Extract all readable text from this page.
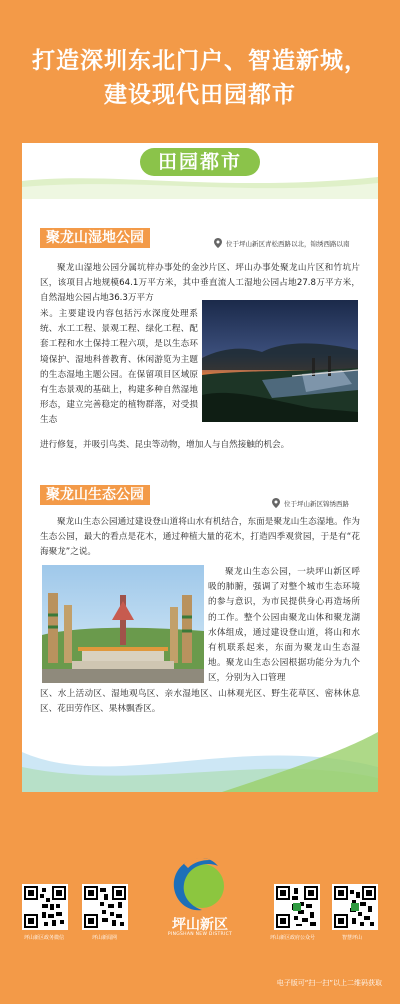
打造深圳东北门户、智造新城，
建设现代田园都市
田园都市
聚龙山湿地公园	位于坪山新区青松西路以北，锦绣西路以南
聚龙山湿地公园分属坑梓办事处的金沙片区、坪山办事处聚龙山片区和竹坑片区，该项目占地规模64.1万平方米，其中垂直流人工湿地公园占地27.8万平方米，自然湿地公园占地36.3万平方
米。主要建设内容包括污水深度处理系统、水工工程、景观工程、绿化工程、配套工程和水土保持工程六项，是以生态环境保护、湿地科普教育、休闲游览为主题的生态湿地主题公园。在保留项目区域原有生态景观的基础上，构建多种自然湿地形态，建立完善稳定的植物群落，对受损生态
进行修复，并吸引鸟类、昆虫等动物，增加人与自然接触的机会。
聚龙山生态公园
位于坪山新区锦绣西路
聚龙山生态公园通过建设登山道将山水有机结合，东面是聚龙山生态湿地。作为生态公园，最大的看点是花木，通过种植大量的花木，打造四季观赏园，于是有“花海聚龙”之说。
聚龙山生态公园，一块坪山新区呼吸的肺腑，强调了对整个城市生态环境的参与意识，为市民提供身心再造场所的工作。整个公园由聚龙山体和聚龙湖水体组成，通过建设登山道，将山和水有机联系起来，东面为聚龙山生态湿地。聚龙山生态公园根据功能分为九个区，分别为入口管理
区、水上活动区、湿地观鸟区、亲水湿地区、山林观光区、野生花草区、密林休息区、花田劳作区、果林飘香区。
坪山新区政务微信	坪山新闻网
坪山新区
PINGSHAN NEW DISTRICT
坪山新区政府公众号	智慧坪山
电子版可“扫一扫”以上二维码获取
